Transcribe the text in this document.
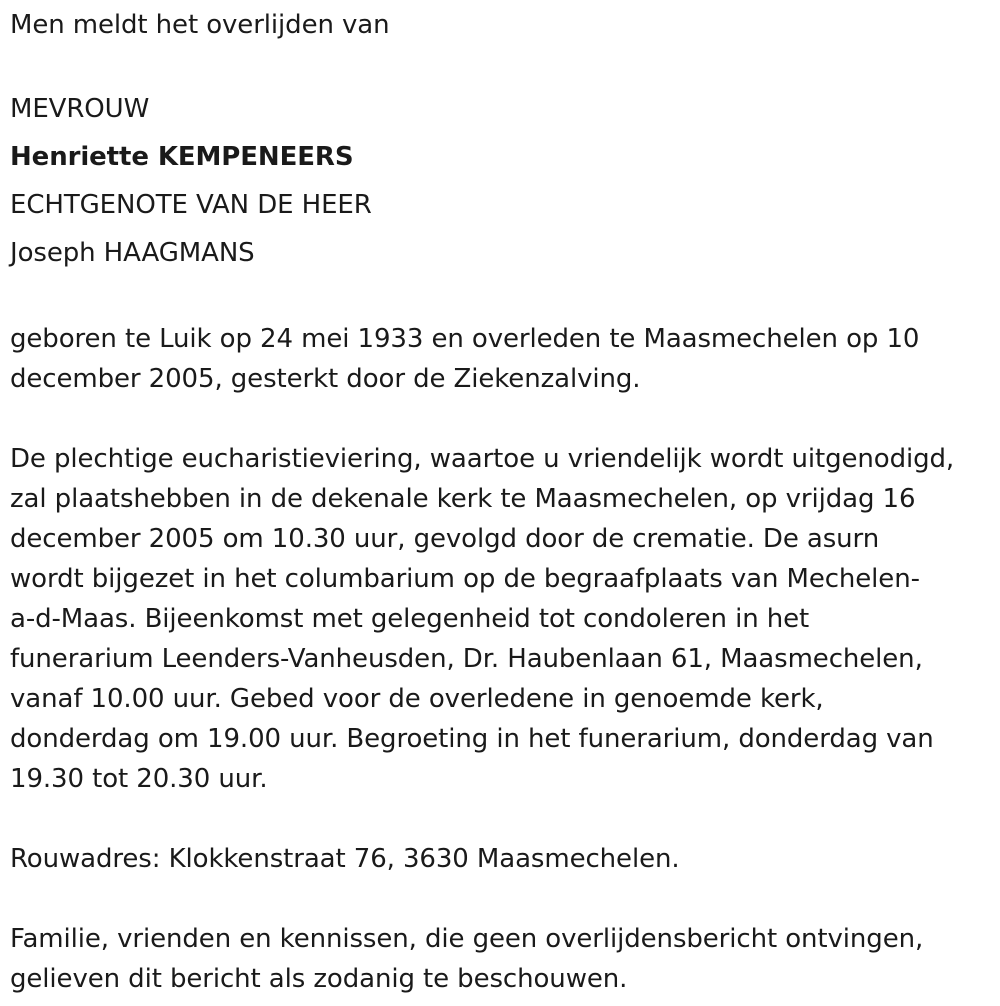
Men meldt het overlijden van

MEVROUW

Henriette KEMPENEERS

ECHTGENOTE VAN DE HEER

Joseph HAAGMANS

geboren te Luik op 24 mei 1933 en overleden te Maasmechelen op 10

december 2005, gesterkt door de Ziekenzalving.

De plechtige eucharistieviering, waartoe u vriendelijk wordt uitgenodigd,

zal plaatshebben in de dekenale kerk te Maasmechelen, op vrijdag 16

december 2005 om 10.30 uur, gevolgd door de crematie. De asurn

wordt bijgezet in het columbarium op de begraafplaats van Mechelen-

a-d-Maas. Bijeenkomst met gelegenheid tot condoleren in het

funerarium Leenders-Vanheusden, Dr. Haubenlaan 61, Maasmechelen,

vanaf 10.00 uur. Gebed voor de overledene in genoemde kerk,

donderdag om 19.00 uur. Begroeting in het funerarium, donderdag van

19.30 tot 20.30 uur.

Rouwadres: Klokkenstraat 76, 3630 Maasmechelen.

Familie, vrienden en kennissen, die geen overlijdensbericht ontvingen,

gelieven dit bericht als zodanig te beschouwen.
